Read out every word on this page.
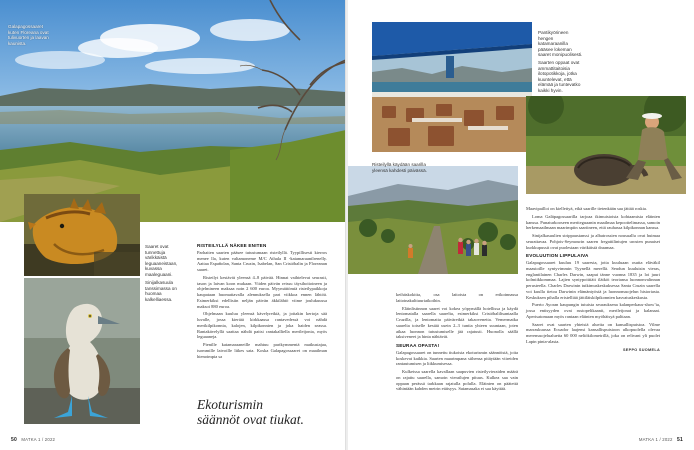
Galapagossaaret kuten Floreana ovat tulivuorten ja laavan kaunista.
Saaret ovat tunnettuja värikkäistä leguaaneistaan, kuvassa maaleguaani.
Sinijalkasuula tanssimassa on huomaa kalkelliaessa.
RISTEILYLLÄ NÄKEE ENITEN

Parhaiten saarten pääsee tutustumaan risteilyllä. Tyypillisesti kierros menee lla, kuten valtamoneme M/C Athala II -katamaraanilrenelly. Aattaa Españolan, Santa Cruzin, Isabelan, San Cristóbalin ja Floreanan saaret.

Risteilyt kestävät yleensä 4–8 päivää. Hinnat vaihtelevat seurasti, tason ja laivan koon mukaan. Viiden päivän reissu täysihoitoineen ja ohjelmineen maksaa noin 2 600 euroa. Myymättömiä risteilypaikkoja kaupataan huomattavalla alennuksella pari viikkoa ennen lähtöä. Esimerkiksi edellisiin neljän päivän äkkilähtö viime joulukuussa maksoi 880 euroa.

Ohjelmaan kuuluu yleensä kävelyretkiä, ja joitakin kertoja sää luvalle, jossa kiertää kirkkaassa rantavedessä voi nähdä merikilpikonnia, kalojen, kilpikonnien ja joka haiden seassa. Rantakävelyllä saattaa nähdä paitsi rantakalliella merileijonia, myös leguaaneja.

Pienille katamaraaneille mahtuu parikymmentä matkustajaa, isommille laivoille liikes sata. Koska Galapagossaaret on maailman hienoimpia sa

Ekoturismin
säännöt ovat tiukat.
50 MATKA 1 / 2022
Pantikyörineen hengen katamaraanilla pääsee lokeman saaret monipuolisesti.
Saarten oppaat ovat ammattitaitoisia ilotopotikkoja, jotka kuuntelevat, että elämää ja tuntevatko kaikki hyvin.
Risteilyllä käydään saarilla yleensä kahdesti päivässä.

keihäskokitta, osa laitoista on erikoinnassa laitoinakulttuuriaikoihin.

Eläinlistinnon saaret voi kokea yöpymällä hotellissa ja käydä lentomatalla saarella saarelta, esimerkiksi Cristóbaliltsantaalla Cruzilla, ja lentomatta päiväretkiä takaovenetta. Vemermatka saarelta toiselle kestää usein 2–3 tuntia yhteen suuntaan, joten aikaa luonnon tutustumiselle jää rajatusti. Huonolla säällä taksiveneet ja hinta nähtävät.

SEURAA OPASTA!

Galapagossaaret on tunnettu tiukoista ekoturismin säännöistä, joita koskevat kaikkia. Saarten maarimpana siihensa pitäytään viireiden rantautumisen ja liikkumisessa.

Kulkeissa saarella kavallaan saapuvien risteilyvieraiden määrä on rajattu saarella, samoin vierailujen pituus. Kulkea saa vain oppaan perässä tarkkaan rajatulla polulla. Eläinten on päätettä vähintään kahden metrin etäisyys. Saiamasaka ei saa käyttää.

Maavipailloi on kiellettyä, eikä saarille tietenkään saa jättää roskia.

Loma Galápagossaarilla tarjoaa ikimuistoisia kohtaamisia eläinten kanssa. Punaturkooseen meriteguaanin maailmaa kepoottelimassa, samoin herkemaailmaan maarimpiin saariineen, että rauhassa kilpikonnan kanssa.

Sinijalkasuulien strippaustanssi ja albatrossien nousuallu ovat huimaa seurattavaa. Pohjois-Seymourin saaren fregattilintujen urosten punaiset kurkkupussit ovat puolestaan värikäistä draamaa.

EVOLUUTION LIPPULAIVA

Galapagossaaret kuuluu 19 saaresta, jotta kuuluaan osutta eläväkil maastoille syntyvimmin Tyynellä merellä. Seudun kuuluisin vieras, englantilainen Charles Darwin, saapui tänne vuonna 1835 ja loi juuri kolmiikkommaa. Lajien syntypoittiäit ilätköi teoriansa luonnonvalinnan perusteella. Charles Darwinin tutkimuskeskuksessa Santa Cruzin saarella voi kuulla tietoa Darwinin elämäntyöstä ja luonnonsuojelun historiasta. Keskuksen pihalla eristelliää jättiläiskilpikonnien kasvatuskeskusta.

Puerto Ayoran kaupungin tutuista seurauksena kalanperkaus-show’ta, jossa entisyyden ovat rustopelikaanit, merileijonat ja kalanaat. Aperisatomaan myös rantaan eläinten myöhäisyä palttaan.

Saaret ovat saarten yhteisiä alueita on kansallispuistoa. Vilme marraskuussa Ecuador laajensi kansallispuistoon ulkopuolella olevaa merensuojelualuetta 60 000 neliökilometrillä, joka on relivant yli puolet Lapin pinta-alasta.

SEPPO SUOMELA

MATKA 1 / 2022 51
